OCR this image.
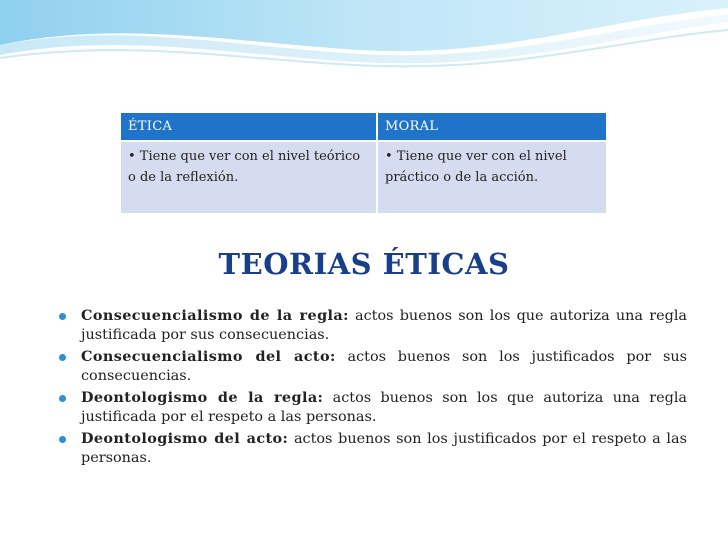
ÉTICA	MORAL
• Tiene que ver con el nivel teórico o de la reflexión.	• Tiene que ver con el nivel práctico o de la acción.
TEORIAS ÉTICAS
Consecuencialismo de la regla: actos buenos son los que autoriza una regla justificada por sus consecuencias.
Consecuencialismo del acto: actos buenos son los justificados por sus consecuencias.
Deontologismo de la regla: actos buenos son los que autoriza una regla justificada por el respeto a las personas.
Deontologismo del acto: actos buenos son los justificados por el respeto a las personas.
